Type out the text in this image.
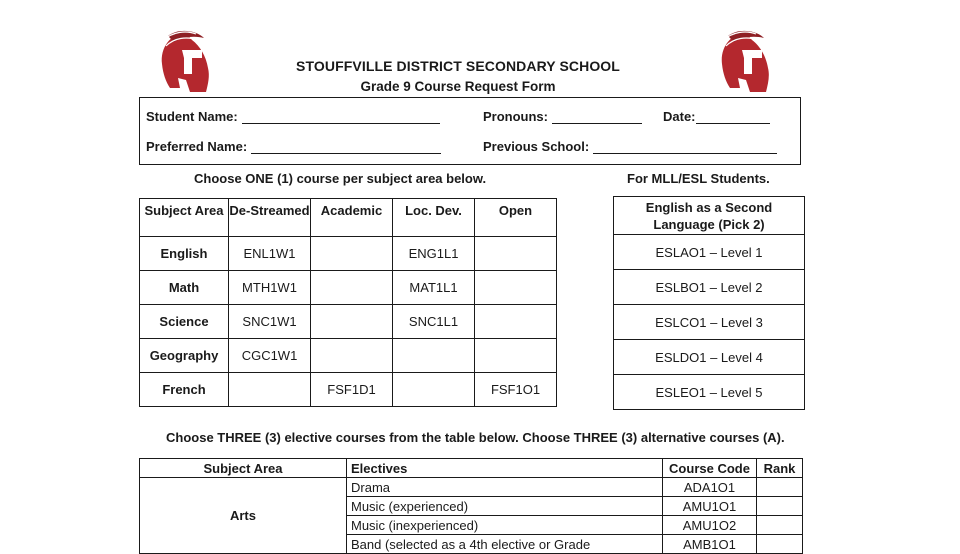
STOUFFVILLE DISTRICT SECONDARY SCHOOL
Grade 9 Course Request Form
Student Name:	Pronouns:	Date:
Preferred Name:	Previous School:
Choose ONE (1) course per subject area below.	For MLL/ESL Students.
Subject Area	De-Streamed	Academic	Loc. Dev.	Open
English	ENL1W1		ENG1L1	
Math	MTH1W1		MAT1L1	
Science	SNC1W1		SNC1L1	
Geography	CGC1W1			
French		FSF1D1		FSF1O1
English as a Second Language (Pick 2)
ESLAO1 – Level 1
ESLBO1 – Level 2
ESLCO1 – Level 3
ESLDO1 – Level 4
ESLEO1 – Level 5
Choose THREE (3) elective courses from the table below. Choose THREE (3) alternative courses (A).
Subject Area	Electives	Course Code	Rank
Arts	Drama	ADA1O1	
	Music (experienced)	AMU1O1	
	Music (inexperienced)	AMU1O2	
	Band (selected as a 4th elective or Grade	AMB1O1	
